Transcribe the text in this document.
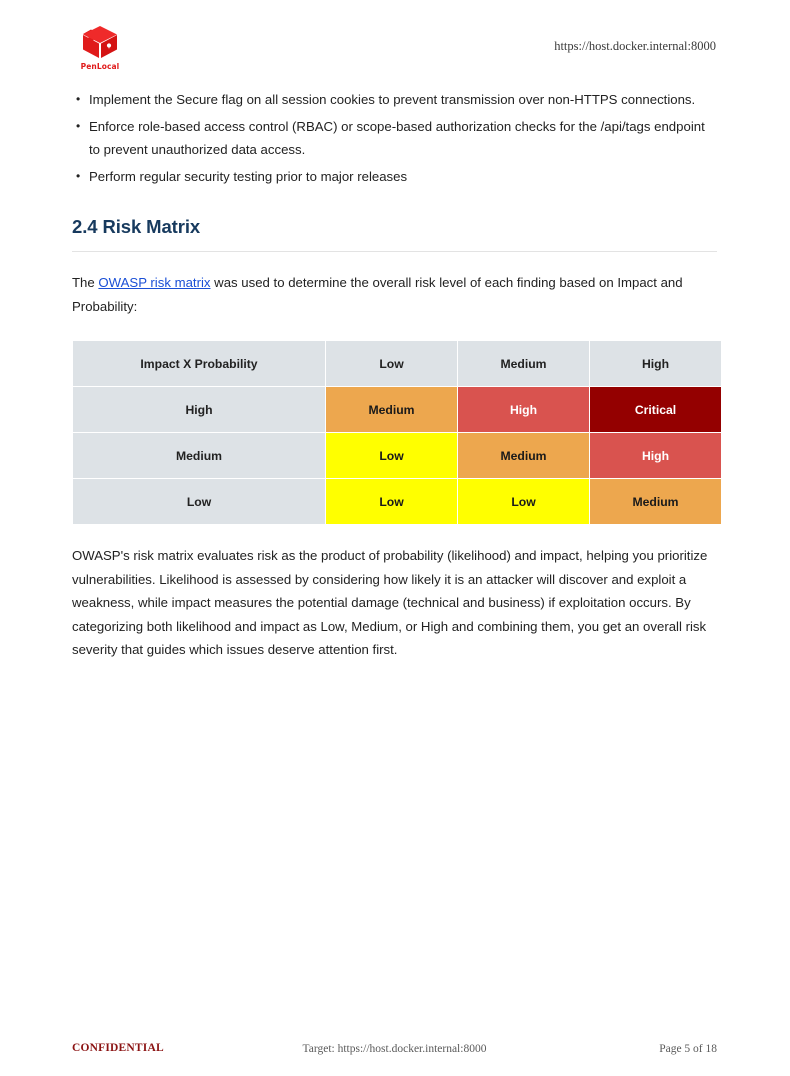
PenLocal
https://host.docker.internal:8000
• Implement the Secure flag on all session cookies to prevent transmission over non-HTTPS connections.
• Enforce role-based access control (RBAC) or scope-based authorization checks for the /api/tags endpoint to prevent unauthorized data access.
• Perform regular security testing prior to major releases
2.4 Risk Matrix

The OWASP risk matrix was used to determine the overall risk level of each finding based on Impact and Probability:

Impact X Probability	Low	Medium	High
High	Medium	High	Critical
Medium	Low	Medium	High
Low	Low	Low	Medium

OWASP's risk matrix evaluates risk as the product of probability (likelihood) and impact, helping you prioritize vulnerabilities. Likelihood is assessed by considering how likely it is an attacker will discover and exploit a weakness, while impact measures the potential damage (technical and business) if exploitation occurs. By categorizing both likelihood and impact as Low, Medium, or High and combining them, you get an overall risk severity that guides which issues deserve attention first.

CONFIDENTIAL	Target: https://host.docker.internal:8000	Page 5 of 18
